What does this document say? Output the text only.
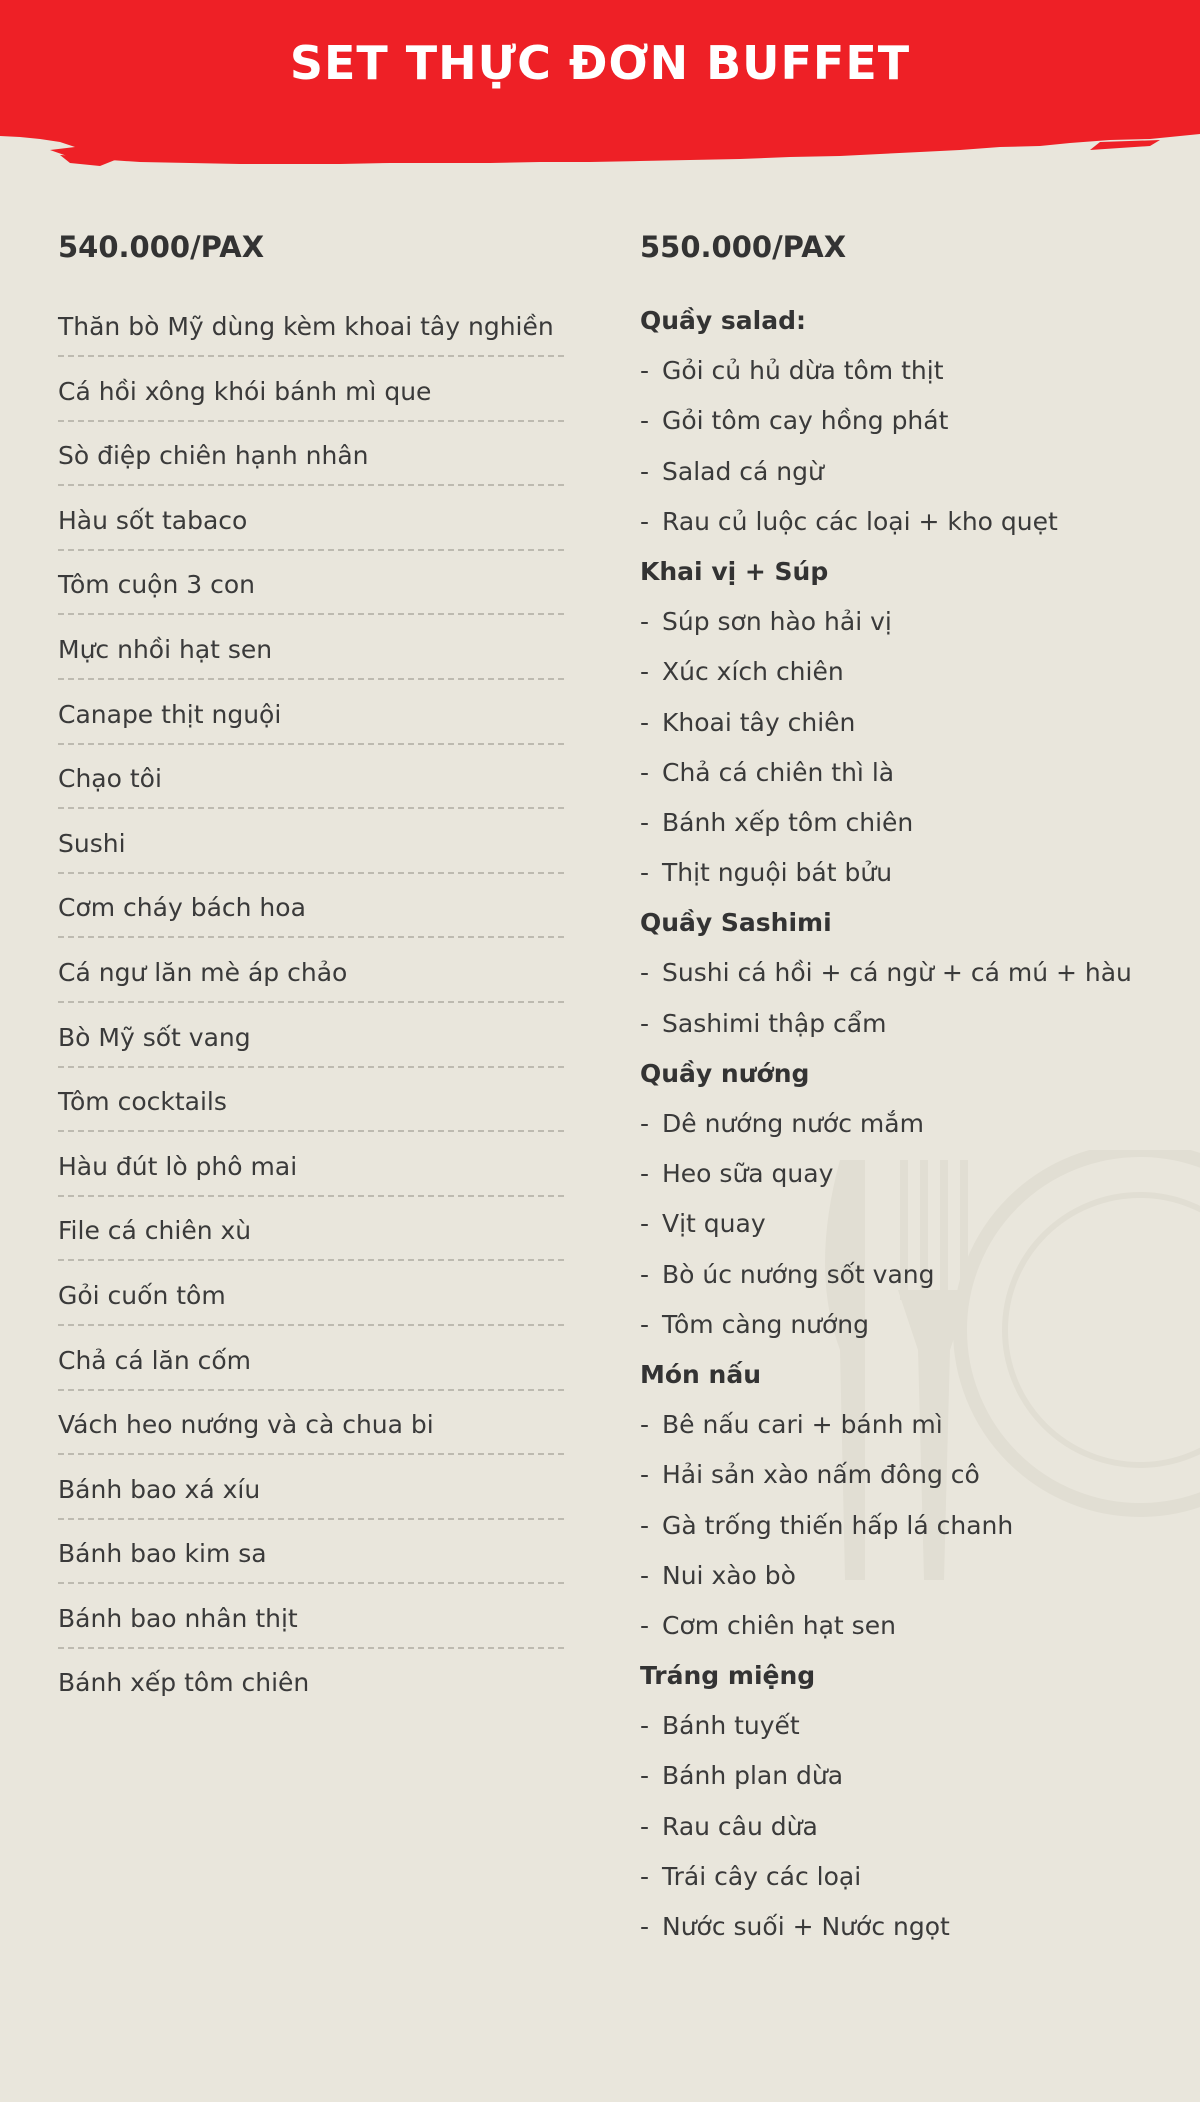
SET THỰC ĐƠN BUFFET
540.000/PAX
Thăn bò Mỹ dùng kèm khoai tây nghiền
Cá hồi xông khói bánh mì que
Sò điệp chiên hạnh nhân
Hàu sốt tabaco
Tôm cuộn 3 con
Mực nhồi hạt sen
Canape thịt nguội
Chạo tôi
Sushi
Cơm cháy bách hoa
Cá ngư lăn mè áp chảo
Bò Mỹ sốt vang
Tôm cocktails
Hàu đút lò phô mai
File cá chiên xù
Gỏi cuốn tôm
Chả cá lăn cốm
Vách heo nướng và cà chua bi
Bánh bao xá xíu
Bánh bao kim sa
Bánh bao nhân thịt
Bánh xếp tôm chiên
550.000/PAX
Quầy salad:
- Gỏi củ hủ dừa tôm thịt
- Gỏi tôm cay hồng phát
- Salad cá ngừ
- Rau củ luộc các loại + kho quẹt
Khai vị + Súp
- Súp sơn hào hải vị
- Xúc xích chiên
- Khoai tây chiên
- Chả cá chiên thì là
- Bánh xếp tôm chiên
- Thịt nguội bát bửu
Quầy Sashimi
- Sushi cá hồi + cá ngừ + cá mú + hàu
- Sashimi thập cẩm
Quầy nướng
- Dê nướng nước mắm
- Heo sữa quay
- Vịt quay
- Bò úc nướng sốt vang
- Tôm càng nướng
Món nấu
- Bê nấu cari + bánh mì
- Hải sản xào nấm đông cô
- Gà trống thiến hấp lá chanh
- Nui xào bò
- Cơm chiên hạt sen
Tráng miệng
- Bánh tuyết
- Bánh plan dừa
- Rau câu dừa
- Trái cây các loại
- Nước suối + Nước ngọt
